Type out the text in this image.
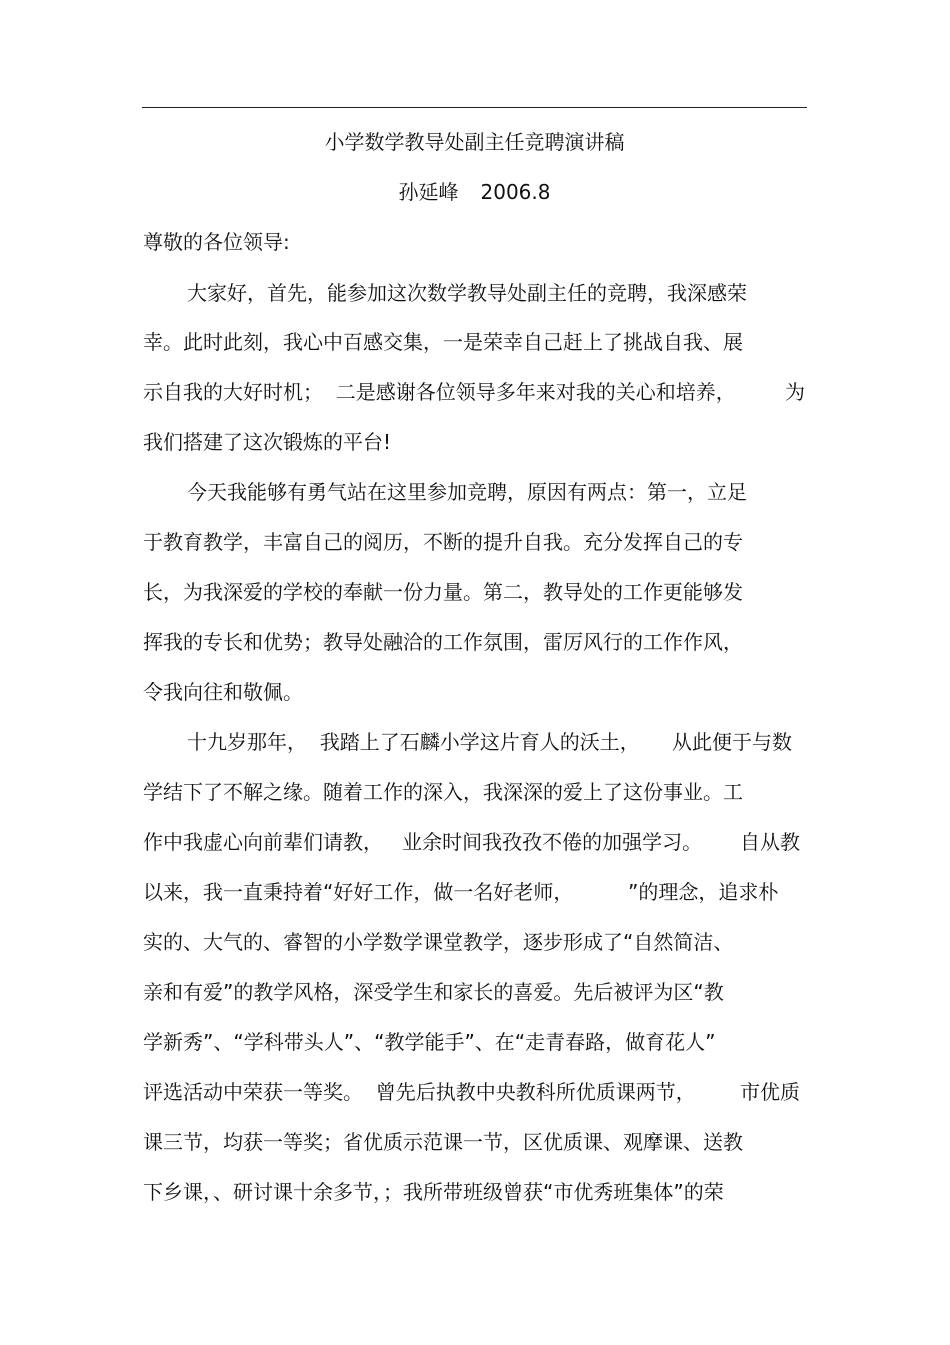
小学数学教导处副主任竞聘演讲稿
孙延峰 2006.8
尊敬的各位领导:
大家好，首先，能参加这次数学教导处副主任的竞聘，我深感荣
幸。此时此刻，我心中百感交集，一是荣幸自己赶上了挑战自我、展
示自我的大好时机；  二是感谢各位领导多年来对我的关心和培养， 为
我们搭建了这次锻炼的平台!
今天我能够有勇气站在这里参加竞聘，原因有两点：第一，立足
于教育教学，丰富自己的阅历，不断的提升自我。充分发挥自己的专
长，为我深爱的学校的奉献一份力量。第二，教导处的工作更能够发
挥我的专长和优势；教导处融洽的工作氛围，雷厉风行的工作作风，
令我向往和敬佩。
十九岁那年，  我踏上了石麟小学这片育人的沃土， 从此便于与数
学结下了不解之缘。随着工作的深入，我深深的爱上了这份事业。工
作中我虚心向前辈们请教，   业余时间我孜孜不倦的加强学习。 自从教
以来，我一直秉持着“好好工作，做一名好老师，	”的理念，追求朴
实的、大气的、睿智的小学数学课堂教学，逐步形成了“自然简洁、
亲和有爱”的教学风格，深受学生和家长的喜爱。先后被评为区“教
学新秀”、“学科带头人”、“教学能手”、在“走青春路，做育花人”
评选活动中荣获一等奖。  曾先后执教中央教科所优质课两节， 市优质
课三节，均获一等奖；省优质示范课一节，区优质课、观摩课、送教
下乡课，、研讨课十余多节，；我所带班级曾获“市优秀班集体”的荣
